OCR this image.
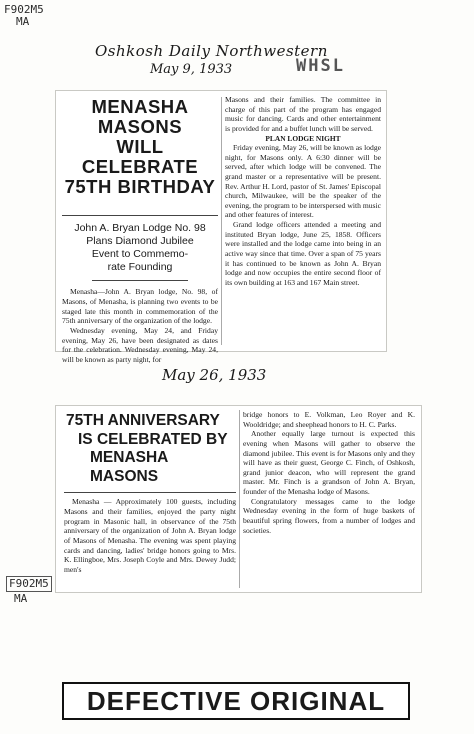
F902M5
MA
Oshkosh Daily Northwestern
May 9, 1933	WHSL
MENASHA MASONS
WILL CELEBRATE
75TH BIRTHDAY
John A. Bryan Lodge No. 98
Plans Diamond Jubilee
Event to Commemo-
rate Founding

Menasha—John A. Bryan lodge, No. 98, of Masons, of Menasha, is planning two events to be staged late this month in commemoration of the 75th anniversary of the organization of the lodge.

Wednesday evening, May 24, and Friday evening, May 26, have been designated as dates for the celebration. Wednesday evening, May 24, will be known as party night, for

Masons and their families. The committee in charge of this part of the program has engaged music for dancing. Cards and other entertainment is provided for and a buffet lunch will be served.

PLAN LODGE NIGHT

Friday evening, May 26, will be known as lodge night, for Masons only. A 6:30 dinner will be served, after which lodge will be convened. The grand master or a representative will be present. Rev. Arthur H. Lord, pastor of St. James' Episcopal church, Milwaukee, will be the speaker of the evening, the program to be interspersed with music and other features of interest.

Grand lodge officers attended a meeting and instituted Bryan lodge, June 25, 1858. Officers were installed and the lodge came into being in an active way since that time. Over a span of 75 years it has continued to be known as John A. Bryan lodge and now occupies the entire second floor of its own building at 163 and 167 Main street.

May 26, 1933
75TH ANNIVERSARY
IS CELEBRATED BY
MENASHA MASONS

Menasha — Approximately 100 guests, including Masons and their families, enjoyed the party night program in Masonic hall, in observance of the 75th anniversary of the organization of John A. Bryan lodge of Masons of Menasha. The evening was spent playing cards and dancing, ladies' bridge honors going to Mrs. K. Ellingboe, Mrs. Joseph Coyle and Mrs. Dewey Judd; men's

bridge honors to E. Volkman, Leo Royer and K. Wooldridge; and sheephead honors to H. C. Parks.

Another equally large turnout is expected this evening when Masons will gather to observe the diamond jubilee. This event is for Masons only and they will have as their guest, George C. Finch, of Oshkosh, grand junior deacon, who will represent the grand master. Mr. Finch is a grandson of John A. Bryan, founder of the Menasha lodge of Masons.

Congratulatory messages came to the lodge Wednesday evening in the form of huge baskets of beautiful spring flowers, from a number of lodges and societies.

F902M5
MA
DEFECTIVE ORIGINAL
